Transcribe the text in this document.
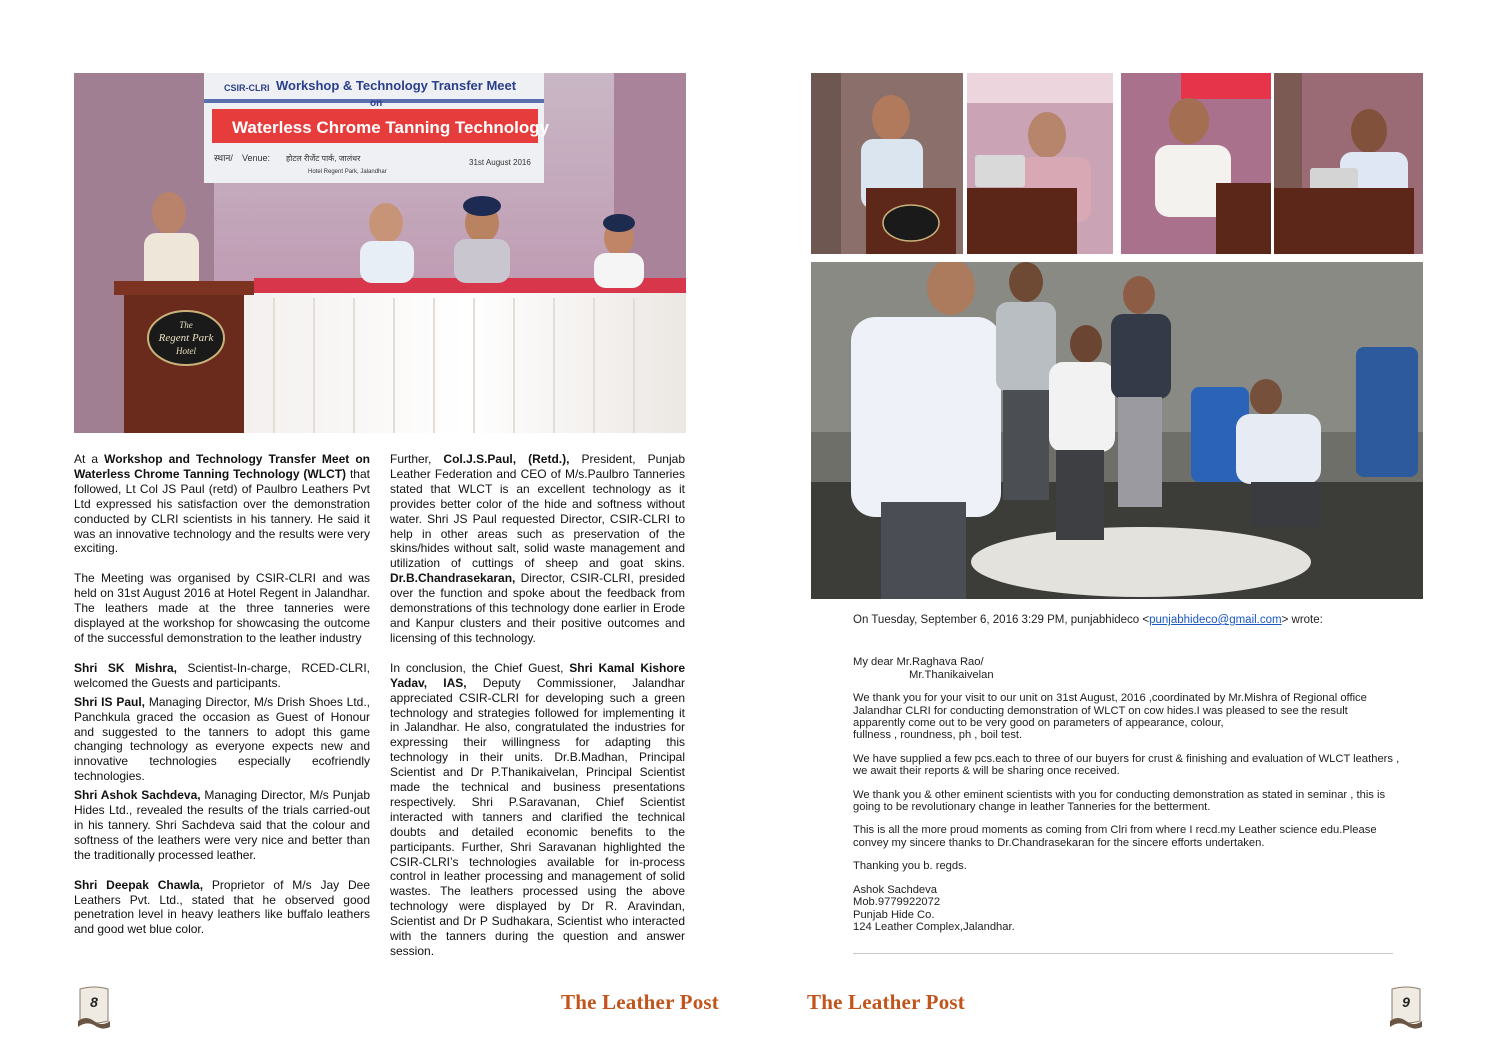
CSIR-CLRI Workshop & Technology Transfer Meet
on
Waterless Chrome Tanning Technology
स्थान/ Venue: होटल रीजेंट पार्क, जालंधर
Hotel Regent Park, Jalandhar
31st August 2016
The
Regent Park
Hotel

At a Workshop and Technology Transfer Meet on Waterless Chrome Tanning Technology (WLCT) that followed, Lt Col JS Paul (retd) of Paulbro Leathers Pvt Ltd expressed his satisfaction over the demonstration conducted by CLRI scientists in his tannery. He said it was an innovative technology and the results were very exciting.

The Meeting was organised by CSIR-CLRI and was held on 31st August 2016 at Hotel Regent in Jalandhar. The leathers made at the three tanneries were displayed at the workshop for showcasing the outcome of the successful demonstration to the leather industry

Shri SK Mishra, Scientist-In-charge, RCED-CLRI, welcomed the Guests and participants.

Shri IS Paul, Managing Director, M/s Drish Shoes Ltd., Panchkula graced the occasion as Guest of Honour and suggested to the tanners to adopt this game changing technology as everyone expects new and innovative technologies especially ecofriendly technologies.

Shri Ashok Sachdeva, Managing Director, M/s Punjab Hides Ltd., revealed the results of the trials carried-out in his tannery. Shri Sachdeva said that the colour and softness of the leathers were very nice and better than the traditionally processed leather.

Shri Deepak Chawla, Proprietor of M/s Jay Dee Leathers Pvt. Ltd., stated that he observed good penetration level in heavy leathers like buffalo leathers and good wet blue color.

Further, Col.J.S.Paul, (Retd.), President, Punjab Leather Federation and CEO of M/s.Paulbro Tanneries stated that WLCT is an excellent technology as it provides better color of the hide and softness without water. Shri JS Paul requested Director, CSIR-CLRI to help in other areas such as preservation of the skins/hides without salt, solid waste management and utilization of cuttings of sheep and goat skins. Dr.B.Chandrasekaran, Director, CSIR-CLRI, presided over the function and spoke about the feedback from demonstrations of this technology done earlier in Erode and Kanpur clusters and their positive outcomes and licensing of this technology.

In conclusion, the Chief Guest, Shri Kamal Kishore Yadav, IAS, Deputy Commissioner, Jalandhar appreciated CSIR-CLRI for developing such a green technology and strategies followed for implementing it in Jalandhar. He also, congratulated the industries for expressing their willingness for adapting this technology in their units. Dr.B.Madhan, Principal Scientist and Dr P.Thanikaivelan, Principal Scientist made the technical and business presentations respectively. Shri P.Saravanan, Chief Scientist interacted with tanners and clarified the technical doubts and detailed economic benefits to the participants. Further, Shri Saravanan highlighted the CSIR-CLRI’s technologies available for in-process control in leather processing and management of solid wastes. The leathers processed using the above technology were displayed by Dr R. Aravindan, Scientist and Dr P Sudhakara, Scientist who interacted with the tanners during the question and answer session.

8	The Leather Post
On Tuesday, September 6, 2016 3:29 PM, punjabhideco <punjabhideco@gmail.com> wrote:
My dear Mr.Raghava Rao/
Mr.Thanikaivelan
We thank you for your visit to our unit on 31st August, 2016 ,coordinated by Mr.Mishra of Regional office Jalandhar CLRI for conducting demonstration of WLCT on cow hides.I was pleased to see the result apparently come out to be very good on parameters of appearance, colour,

fullness , roundness, ph , boil test.

We have supplied a few pcs.each to three of our buyers for crust & finishing and evaluation of WLCT leathers , we await their reports & will be sharing once received.

We thank you & other eminent scientists with you for conducting demonstration as stated in seminar , this is going to be revolutionary change in leather Tanneries for the betterment.

This is all the more proud moments as coming from Clri from where I recd.my Leather science edu.Please convey my sincere thanks to Dr.Chandrasekaran for the sincere efforts undertaken.

Thanking you b. regds.

Ashok Sachdeva
Mob.9779922072
Punjab Hide Co.
124 Leather Complex,Jalandhar.
The Leather Post	9
